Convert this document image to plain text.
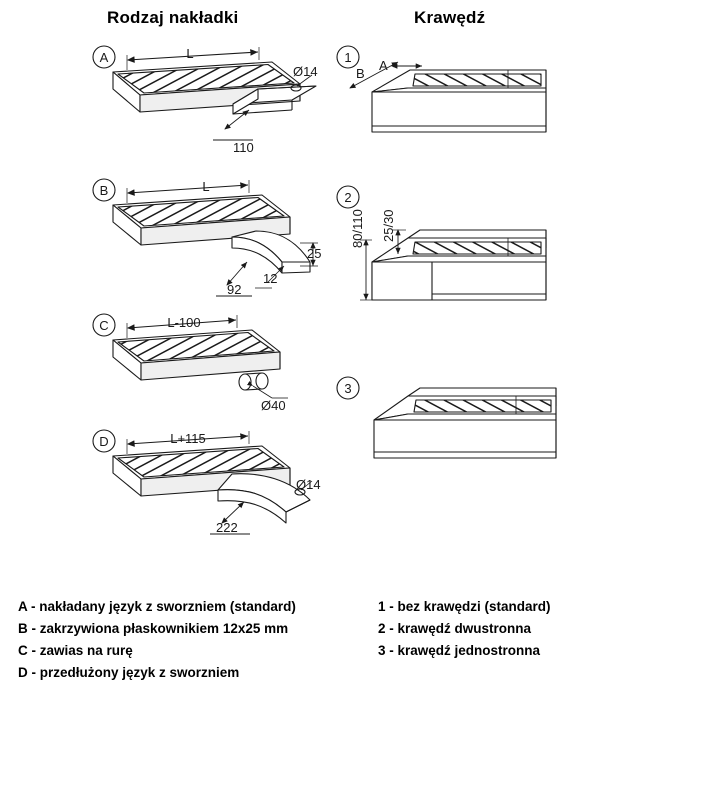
Rodzaj nakładki	Krawędź
A
B
C
D
1
2
3
L
Ø14
110
L
25
12
92
L-100
Ø40
L+115
Ø14
222
B
A
25/30
80/110
A - nakładany język z sworzniem (standard)
B - zakrzywiona płaskownikiem 12x25 mm
C - zawias na rurę
D - przedłużony język z sworzniem
1 - bez krawędzi (standard)
2 - krawędź dwustronna
3 - krawędź jednostronna
